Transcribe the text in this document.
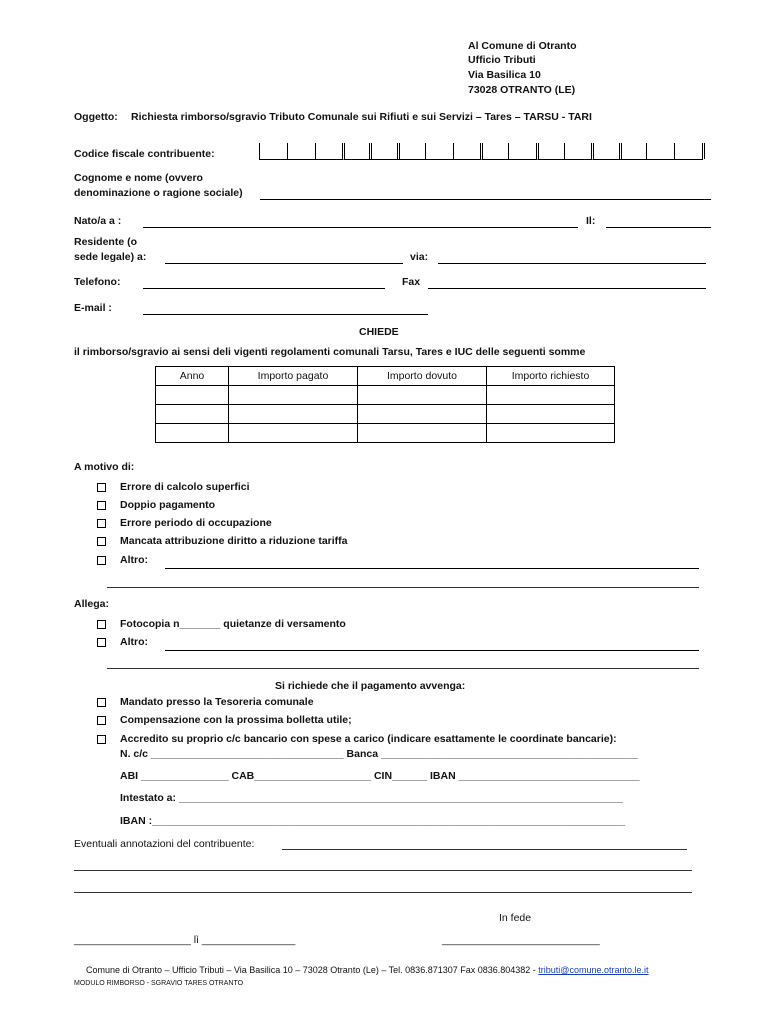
Al Comune di Otranto
Ufficio Tributi
Via Basilica 10
73028 OTRANTO (LE)
Oggetto: Richiesta rimborso/sgravio Tributo Comunale sui Rifiuti e sui Servizi – Tares – TARSU - TARI
Codice fiscale contribuente:
Cognome e nome (ovvero
denominazione o ragione sociale)
Nato/a a :	Il:
Residente (o
sede legale) a:	via:
Telefono:	Fax
E-mail :
CHIEDE
il rimborso/sgravio ai sensi deli vigenti regolamenti comunali Tarsu, Tares e IUC delle seguenti somme
Anno	Importo pagato	Importo dovuto	Importo richiesto

A motivo di:
Errore di calcolo superfici
Doppio pagamento
Errore periodo di occupazione
Mancata attribuzione diritto a riduzione tariffa
Altro:
Allega:
Fotocopia n_______ quietanze di versamento
Altro:
Si richiede che il pagamento avvenga:
Mandato presso la Tesoreria comunale
Compensazione con la prossima bolletta utile;
Accredito su proprio c/c bancario con spese a carico (indicare esattamente le coordinate bancarie):
N. c/c _________________________________ Banca ____________________________________________
ABI _______________ CAB____________________ CIN______ IBAN _______________________________
Intestato a: ____________________________________________________________________________
IBAN :_________________________________________________________________________________
Eventuali annotazioni del contribuente:
In fede
____________________ lì ________________	___________________________
Comune di Otranto – Ufficio Tributi – Via Basilica 10 – 73028 Otranto (Le) – Tel. 0836.871307 Fax 0836.804382 - tributi@comune.otranto.le.it
MODULO RIMBORSO - SGRAVIO TARES OTRANTO
